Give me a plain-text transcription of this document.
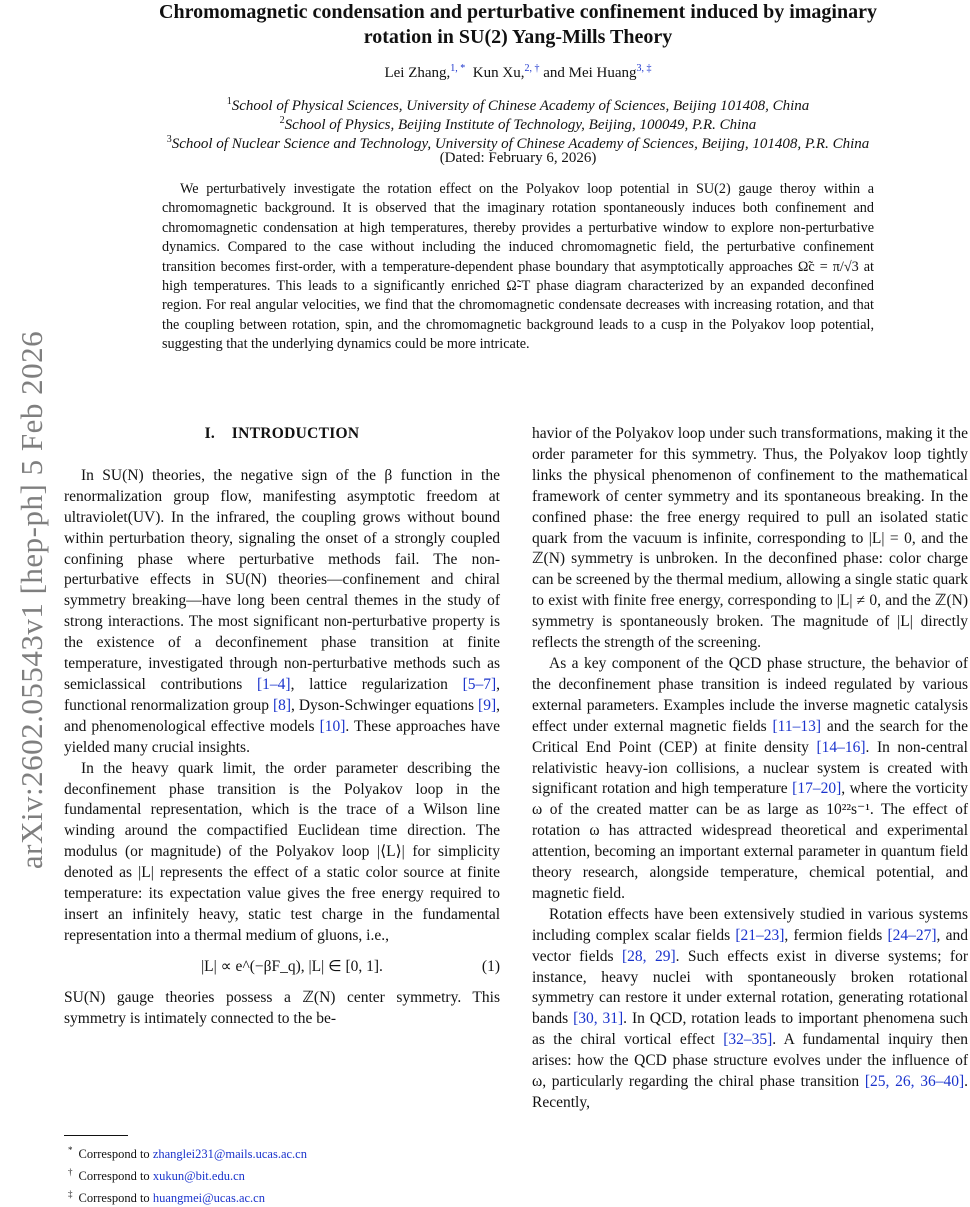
arXiv:2602.05543v1 [hep-ph] 5 Feb 2026
Chromomagnetic condensation and perturbative confinement induced by imaginary
rotation in SU(2) Yang-Mills Theory
Lei Zhang,$^{1, *}$ Kun Xu,$^{2, \dagger}$ and Mei Huang$^{3, \ddagger}$
$^1$School of Physical Sciences, University of Chinese Academy of Sciences, Beijing 101408, China
$^2$School of Physics, Beijing Institute of Technology, Beijing, 100049, P.R. China
$^3$School of Nuclear Science and Technology, University of Chinese Academy of Sciences, Beijing, 101408, P.R. China
(Dated: February 6, 2026)
We perturbatively investigate the rotation effect on the Polyakov loop potential in SU(2) gauge theroy within a chromomagnetic background. It is observed that the imaginary rotation spontaneously induces both confinement and chromomagnetic condensation at high temperatures, thereby provides a perturbative window to explore non-perturbative dynamics. Compared to the case without including the induced chromomagnetic field, the perturbative confinement transition becomes first-order, with a temperature-dependent phase boundary that asymptotically approaches Ω̃c = π/√3 at high temperatures. This leads to a significantly enriched Ω̃-T phase diagram characterized by an expanded deconfined region. For real angular velocities, we find that the chromomagnetic condensate decreases with increasing rotation, and that the coupling between rotation, spin, and the chromomagnetic background leads to a cusp in the Polyakov loop potential, suggesting that the underlying dynamics could be more intricate.
I. INTRODUCTION

In SU(N) theories, the negative sign of the β function in the renormalization group flow, manifesting asymptotic freedom at ultraviolet(UV). In the infrared, the coupling grows without bound within perturbation theory, signaling the onset of a strongly coupled confining phase where perturbative methods fail. The non-perturbative effects in SU(N) theories—confinement and chiral symmetry breaking—have long been central themes in the study of strong interactions. The most significant non-perturbative property is the existence of a deconfinement phase transition at finite temperature, investigated through non-perturbative methods such as semiclassical contributions [1–4], lattice regularization [5–7], functional renormalization group [8], Dyson-Schwinger equations [9], and phenomenological effective models [10]. These approaches have yielded many crucial insights.

In the heavy quark limit, the order parameter describing the deconfinement phase transition is the Polyakov loop in the fundamental representation, which is the trace of a Wilson line winding around the compactified Euclidean time direction. The modulus (or magnitude) of the Polyakov loop |⟨L⟩| for simplicity denoted as |L| represents the effect of a static color source at finite temperature: its expectation value gives the free energy required to insert an infinitely heavy, static test charge in the fundamental representation into a thermal medium of gluons, i.e.,

|L| ∝ e^(−βF_q), |L| ∈ [0, 1].	(1)

SU(N) gauge theories possess a ℤ(N) center symmetry. This symmetry is intimately connected to the be-

havior of the Polyakov loop under such transformations, making it the order parameter for this symmetry. Thus, the Polyakov loop tightly links the physical phenomenon of confinement to the mathematical framework of center symmetry and its spontaneous breaking. In the confined phase: the free energy required to pull an isolated static quark from the vacuum is infinite, corresponding to |L| = 0, and the ℤ(N) symmetry is unbroken. In the deconfined phase: color charge can be screened by the thermal medium, allowing a single static quark to exist with finite free energy, corresponding to |L| ≠ 0, and the ℤ(N) symmetry is spontaneously broken. The magnitude of |L| directly reflects the strength of the screening.

As a key component of the QCD phase structure, the behavior of the deconfinement phase transition is indeed regulated by various external parameters. Examples include the inverse magnetic catalysis effect under external magnetic fields [11–13] and the search for the Critical End Point (CEP) at finite density [14–16]. In non-central relativistic heavy-ion collisions, a nuclear system is created with significant rotation and high temperature [17–20], where the vorticity ω of the created matter can be as large as 10²²s⁻¹. The effect of rotation ω has attracted widespread theoretical and experimental attention, becoming an important external parameter in quantum field theory research, alongside temperature, chemical potential, and magnetic field.

Rotation effects have been extensively studied in various systems including complex scalar fields [21–23], fermion fields [24–27], and vector fields [28, 29]. Such effects exist in diverse systems; for instance, heavy nuclei with spontaneously broken rotational symmetry can restore it under external rotation, generating rotational bands [30, 31]. In QCD, rotation leads to important phenomena such as the chiral vortical effect [32–35]. A fundamental inquiry then arises: how the QCD phase structure evolves under the influence of ω, particularly regarding the chiral phase transition [25, 26, 36–40]. Recently,

* Correspond to zhanglei231@mails.ucas.ac.cn
† Correspond to xukun@bit.edu.cn
‡ Correspond to huangmei@ucas.ac.cn
